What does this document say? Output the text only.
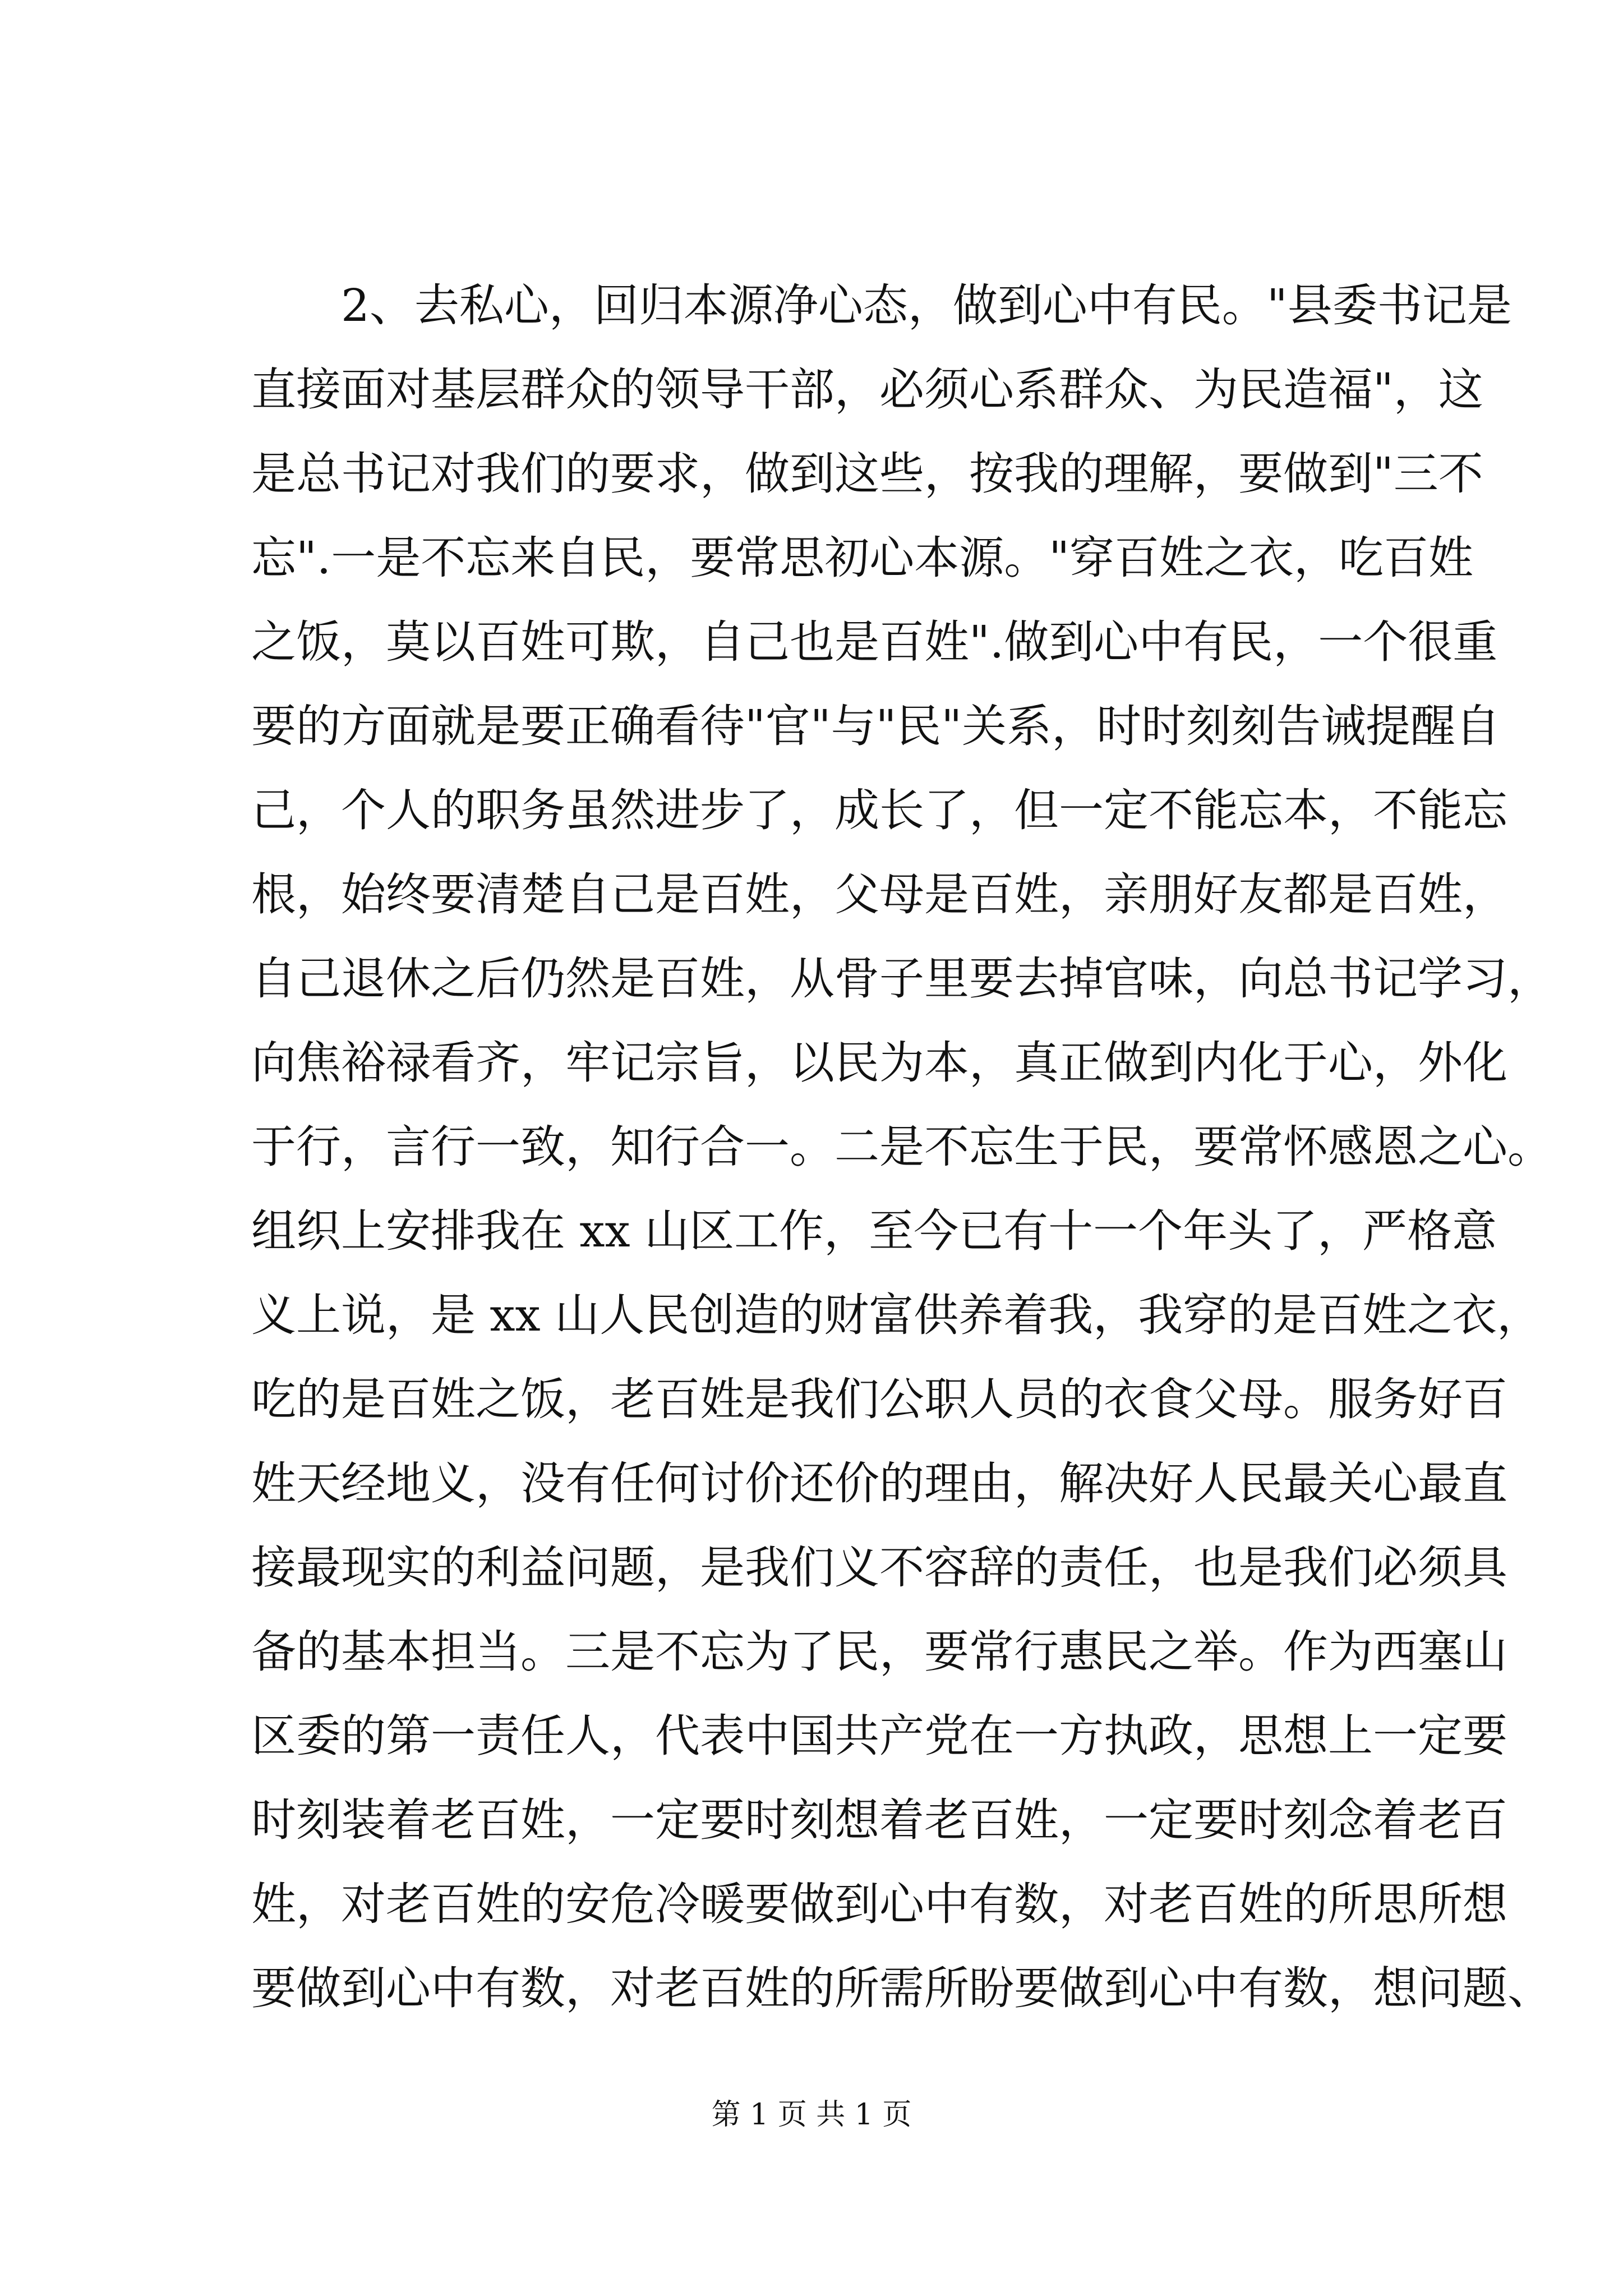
2、去私心，回归本源净心态，做到心中有民。"县委书记是
直接面对基层群众的领导干部，必须心系群众、为民造福"，这
是总书记对我们的要求，做到这些，按我的理解，要做到"三不
忘".一是不忘来自民，要常思初心本源。"穿百姓之衣，吃百姓
之饭，莫以百姓可欺，自己也是百姓".做到心中有民，一个很重
要的方面就是要正确看待"官"与"民"关系，时时刻刻告诫提醒自
己，个人的职务虽然进步了，成长了，但一定不能忘本，不能忘
根，始终要清楚自己是百姓，父母是百姓，亲朋好友都是百姓，
自己退休之后仍然是百姓，从骨子里要去掉官味，向总书记学习，
向焦裕禄看齐，牢记宗旨，以民为本，真正做到内化于心，外化
于行，言行一致，知行合一。二是不忘生于民，要常怀感恩之心。
组织上安排我在 xx 山区工作，至今已有十一个年头了，严格意
义上说，是 xx 山人民创造的财富供养着我，我穿的是百姓之衣，
吃的是百姓之饭，老百姓是我们公职人员的衣食父母。服务好百
姓天经地义，没有任何讨价还价的理由，解决好人民最关心最直
接最现实的利益问题，是我们义不容辞的责任，也是我们必须具
备的基本担当。三是不忘为了民，要常行惠民之举。作为西塞山
区委的第一责任人，代表中国共产党在一方执政，思想上一定要
时刻装着老百姓，一定要时刻想着老百姓，一定要时刻念着老百
姓，对老百姓的安危冷暖要做到心中有数，对老百姓的所思所想
要做到心中有数，对老百姓的所需所盼要做到心中有数，想问题、
第 1 页 共 1 页
